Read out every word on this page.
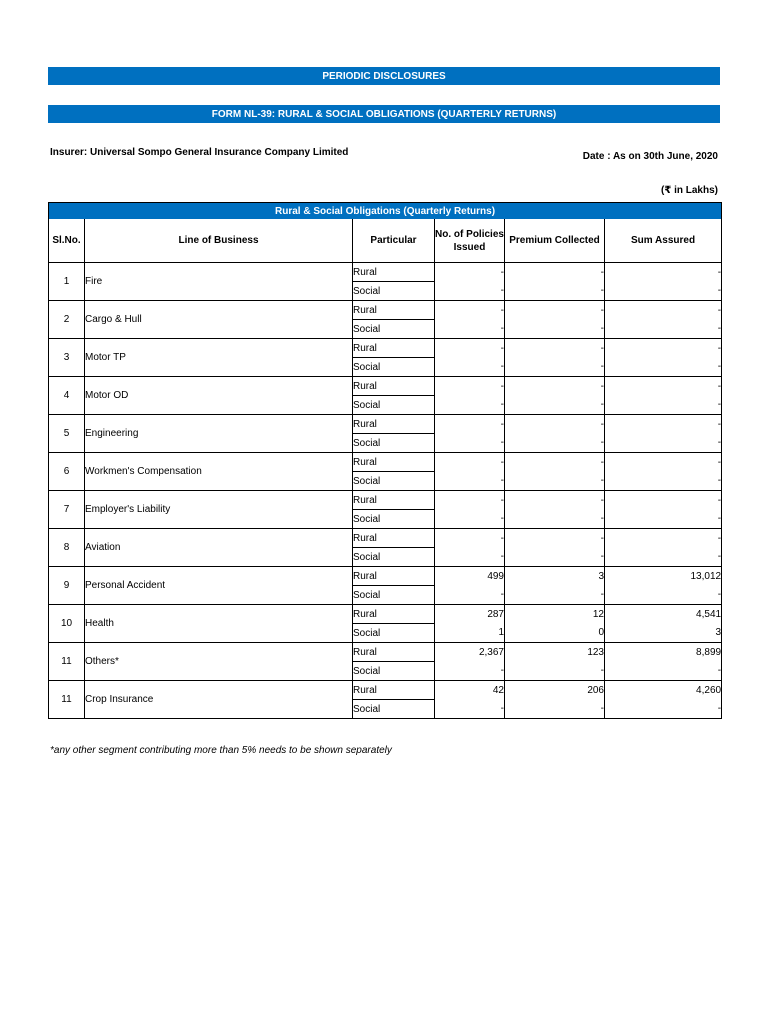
PERIODIC DISCLOSURES
FORM NL-39: RURAL & SOCIAL OBLIGATIONS (QUARTERLY RETURNS)
Insurer: Universal Sompo General Insurance Company Limited	Date : As on 30th June, 2020
(₹ in Lakhs)
Rural & Social Obligations (Quarterly Returns)					
Sl.No.	Line of Business	Particular	No. of Policies Issued	Premium Collected	Sum Assured
1	Fire	Rural	-	-	-
		Social	-	-	-
2	Cargo & Hull	Rural	-	-	-
		Social	-	-	-
3	Motor TP	Rural	-	-	-
		Social	-	-	-
4	Motor OD	Rural	-	-	-
		Social	-	-	-
5	Engineering	Rural	-	-	-
		Social	-	-	-
6	Workmen's Compensation	Rural	-	-	-
		Social	-	-	-
7	Employer's Liability	Rural	-	-	-
		Social	-	-	-
8	Aviation	Rural	-	-	-
		Social	-	-	-
9	Personal Accident	Rural	499	3	13,012
		Social	-	-	-
10	Health	Rural	287	12	4,541
		Social	1	0	3
11	Others*	Rural	2,367	123	8,899
		Social	-	-	-
11	Crop Insurance	Rural	42	206	4,260
		Social	-	-	-
*any other segment contributing more than 5% needs to be shown separately
